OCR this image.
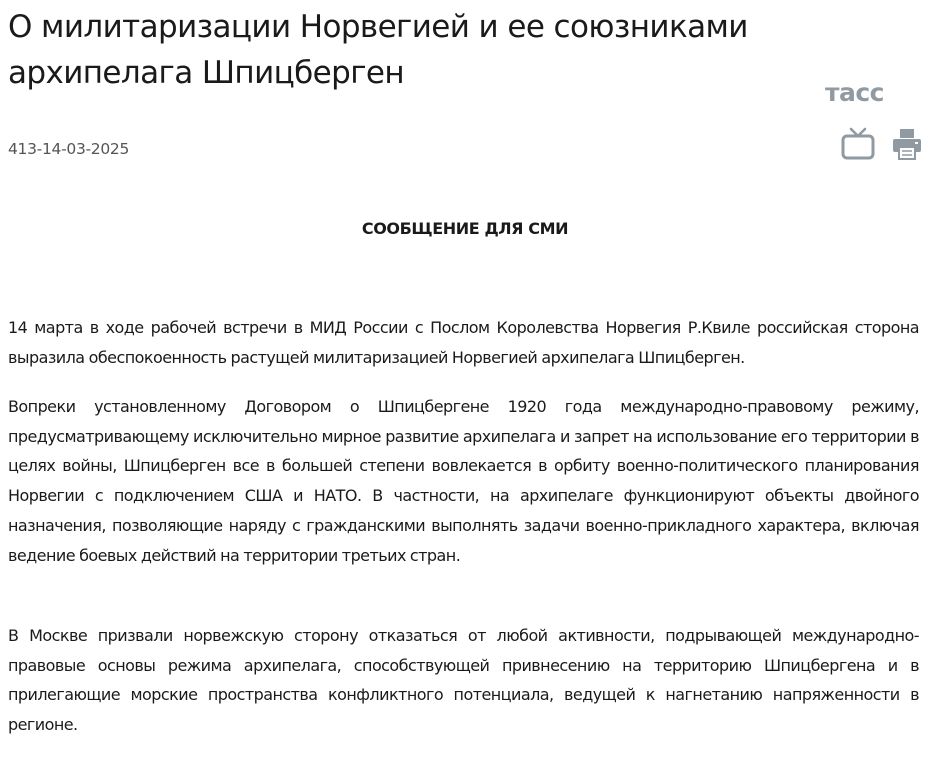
О милитаризации Норвегией и ее союзниками архипелага Шпицберген
тасс
413-14-03-2025
СООБЩЕНИЕ ДЛЯ СМИ

14 марта в ходе рабочей встречи в МИД России с Послом Королевства Норвегия Р.Квиле российская сторона выразила обеспокоенность растущей милитаризацией Норвегией архипелага Шпицберген.

Вопреки установленному Договором о Шпицбергене 1920 года международно-правовому режиму, предусматривающему исключительно мирное развитие архипелага и запрет на использование его территории в целях войны, Шпицберген все в большей степени вовлекается в орбиту военно-политического планирования Норвегии с подключением США и НАТО. В частности, на архипелаге функционируют объекты двойного назначения, позволяющие наряду с гражданскими выполнять задачи военно-прикладного характера, включая ведение боевых действий на территории третьих стран.

В Москве призвали норвежскую сторону отказаться от любой активности, подрывающей международно-правовые основы режима архипелага, способствующей привнесению на территорию Шпицбергена и в прилегающие морские пространства конфликтного потенциала, ведущей к нагнетанию напряженности в регионе.
